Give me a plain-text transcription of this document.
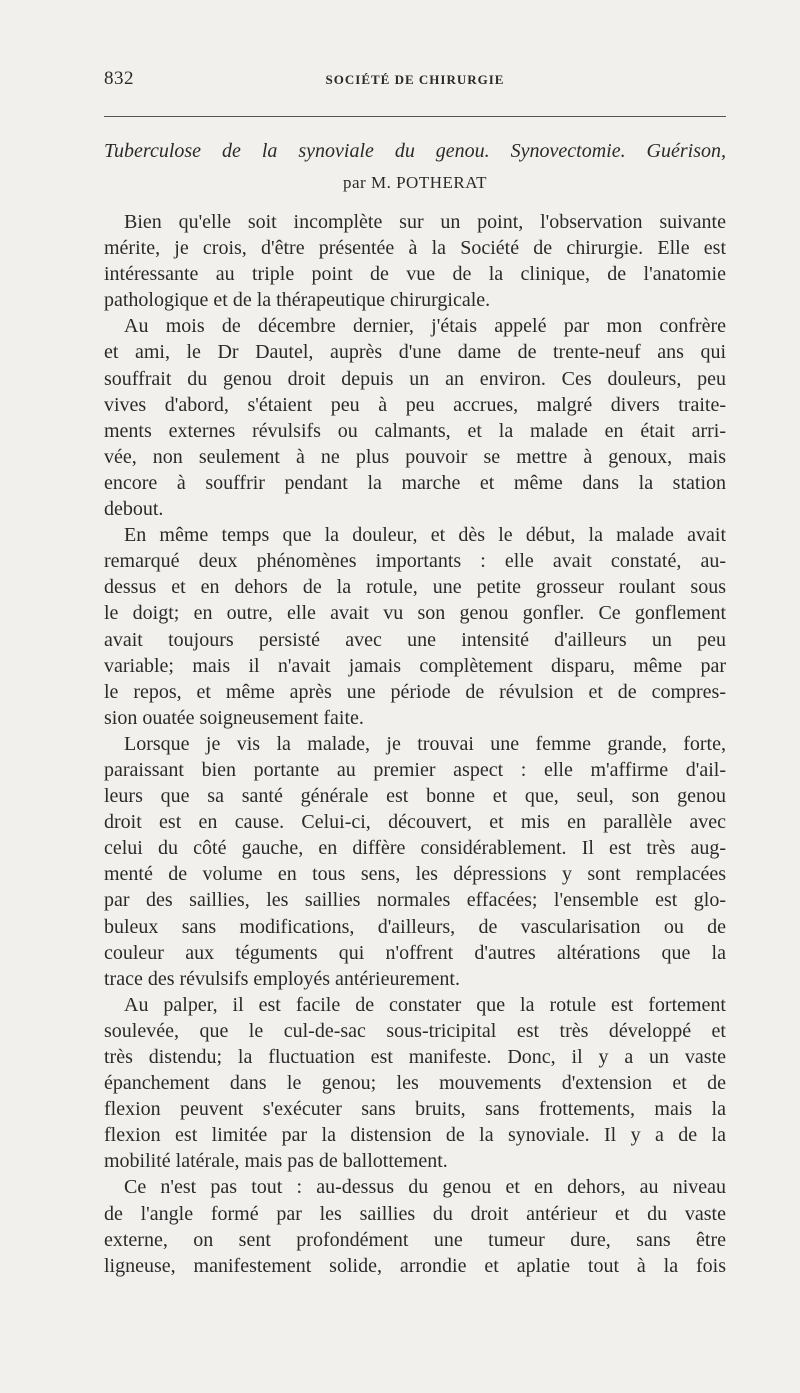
832	SOCIÉTÉ DE CHIRURGIE
Tuberculose de la synoviale du genou. Synovectomie. Guérison,
par M. POTHERAT
Bien qu'elle soit incomplète sur un point, l'observation suivante
mérite, je crois, d'être présentée à la Société de chirurgie. Elle est
intéressante au triple point de vue de la clinique, de l'anatomie
pathologique et de la thérapeutique chirurgicale.
Au mois de décembre dernier, j'étais appelé par mon confrère
et ami, le Dr Dautel, auprès d'une dame de trente-neuf ans qui
souffrait du genou droit depuis un an environ. Ces douleurs, peu
vives d'abord, s'étaient peu à peu accrues, malgré divers traite-
ments externes révulsifs ou calmants, et la malade en était arri-
vée, non seulement à ne plus pouvoir se mettre à genoux, mais
encore à souffrir pendant la marche et même dans la station
debout.
En même temps que la douleur, et dès le début, la malade avait
remarqué deux phénomènes importants : elle avait constaté, au-
dessus et en dehors de la rotule, une petite grosseur roulant sous
le doigt; en outre, elle avait vu son genou gonfler. Ce gonflement
avait toujours persisté avec une intensité d'ailleurs un peu
variable; mais il n'avait jamais complètement disparu, même par
le repos, et même après une période de révulsion et de compres-
sion ouatée soigneusement faite.
Lorsque je vis la malade, je trouvai une femme grande, forte,
paraissant bien portante au premier aspect : elle m'affirme d'ail-
leurs que sa santé générale est bonne et que, seul, son genou
droit est en cause. Celui-ci, découvert, et mis en parallèle avec
celui du côté gauche, en diffère considérablement. Il est très aug-
menté de volume en tous sens, les dépressions y sont remplacées
par des saillies, les saillies normales effacées; l'ensemble est glo-
buleux sans modifications, d'ailleurs, de vascularisation ou de
couleur aux téguments qui n'offrent d'autres altérations que la
trace des révulsifs employés antérieurement.
Au palper, il est facile de constater que la rotule est fortement
soulevée, que le cul-de-sac sous-tricipital est très développé et
très distendu; la fluctuation est manifeste. Donc, il y a un vaste
épanchement dans le genou; les mouvements d'extension et de
flexion peuvent s'exécuter sans bruits, sans frottements, mais la
flexion est limitée par la distension de la synoviale. Il y a de la
mobilité latérale, mais pas de ballottement.
Ce n'est pas tout : au-dessus du genou et en dehors, au niveau
de l'angle formé par les saillies du droit antérieur et du vaste
externe, on sent profondément une tumeur dure, sans être
ligneuse, manifestement solide, arrondie et aplatie tout à la fois
